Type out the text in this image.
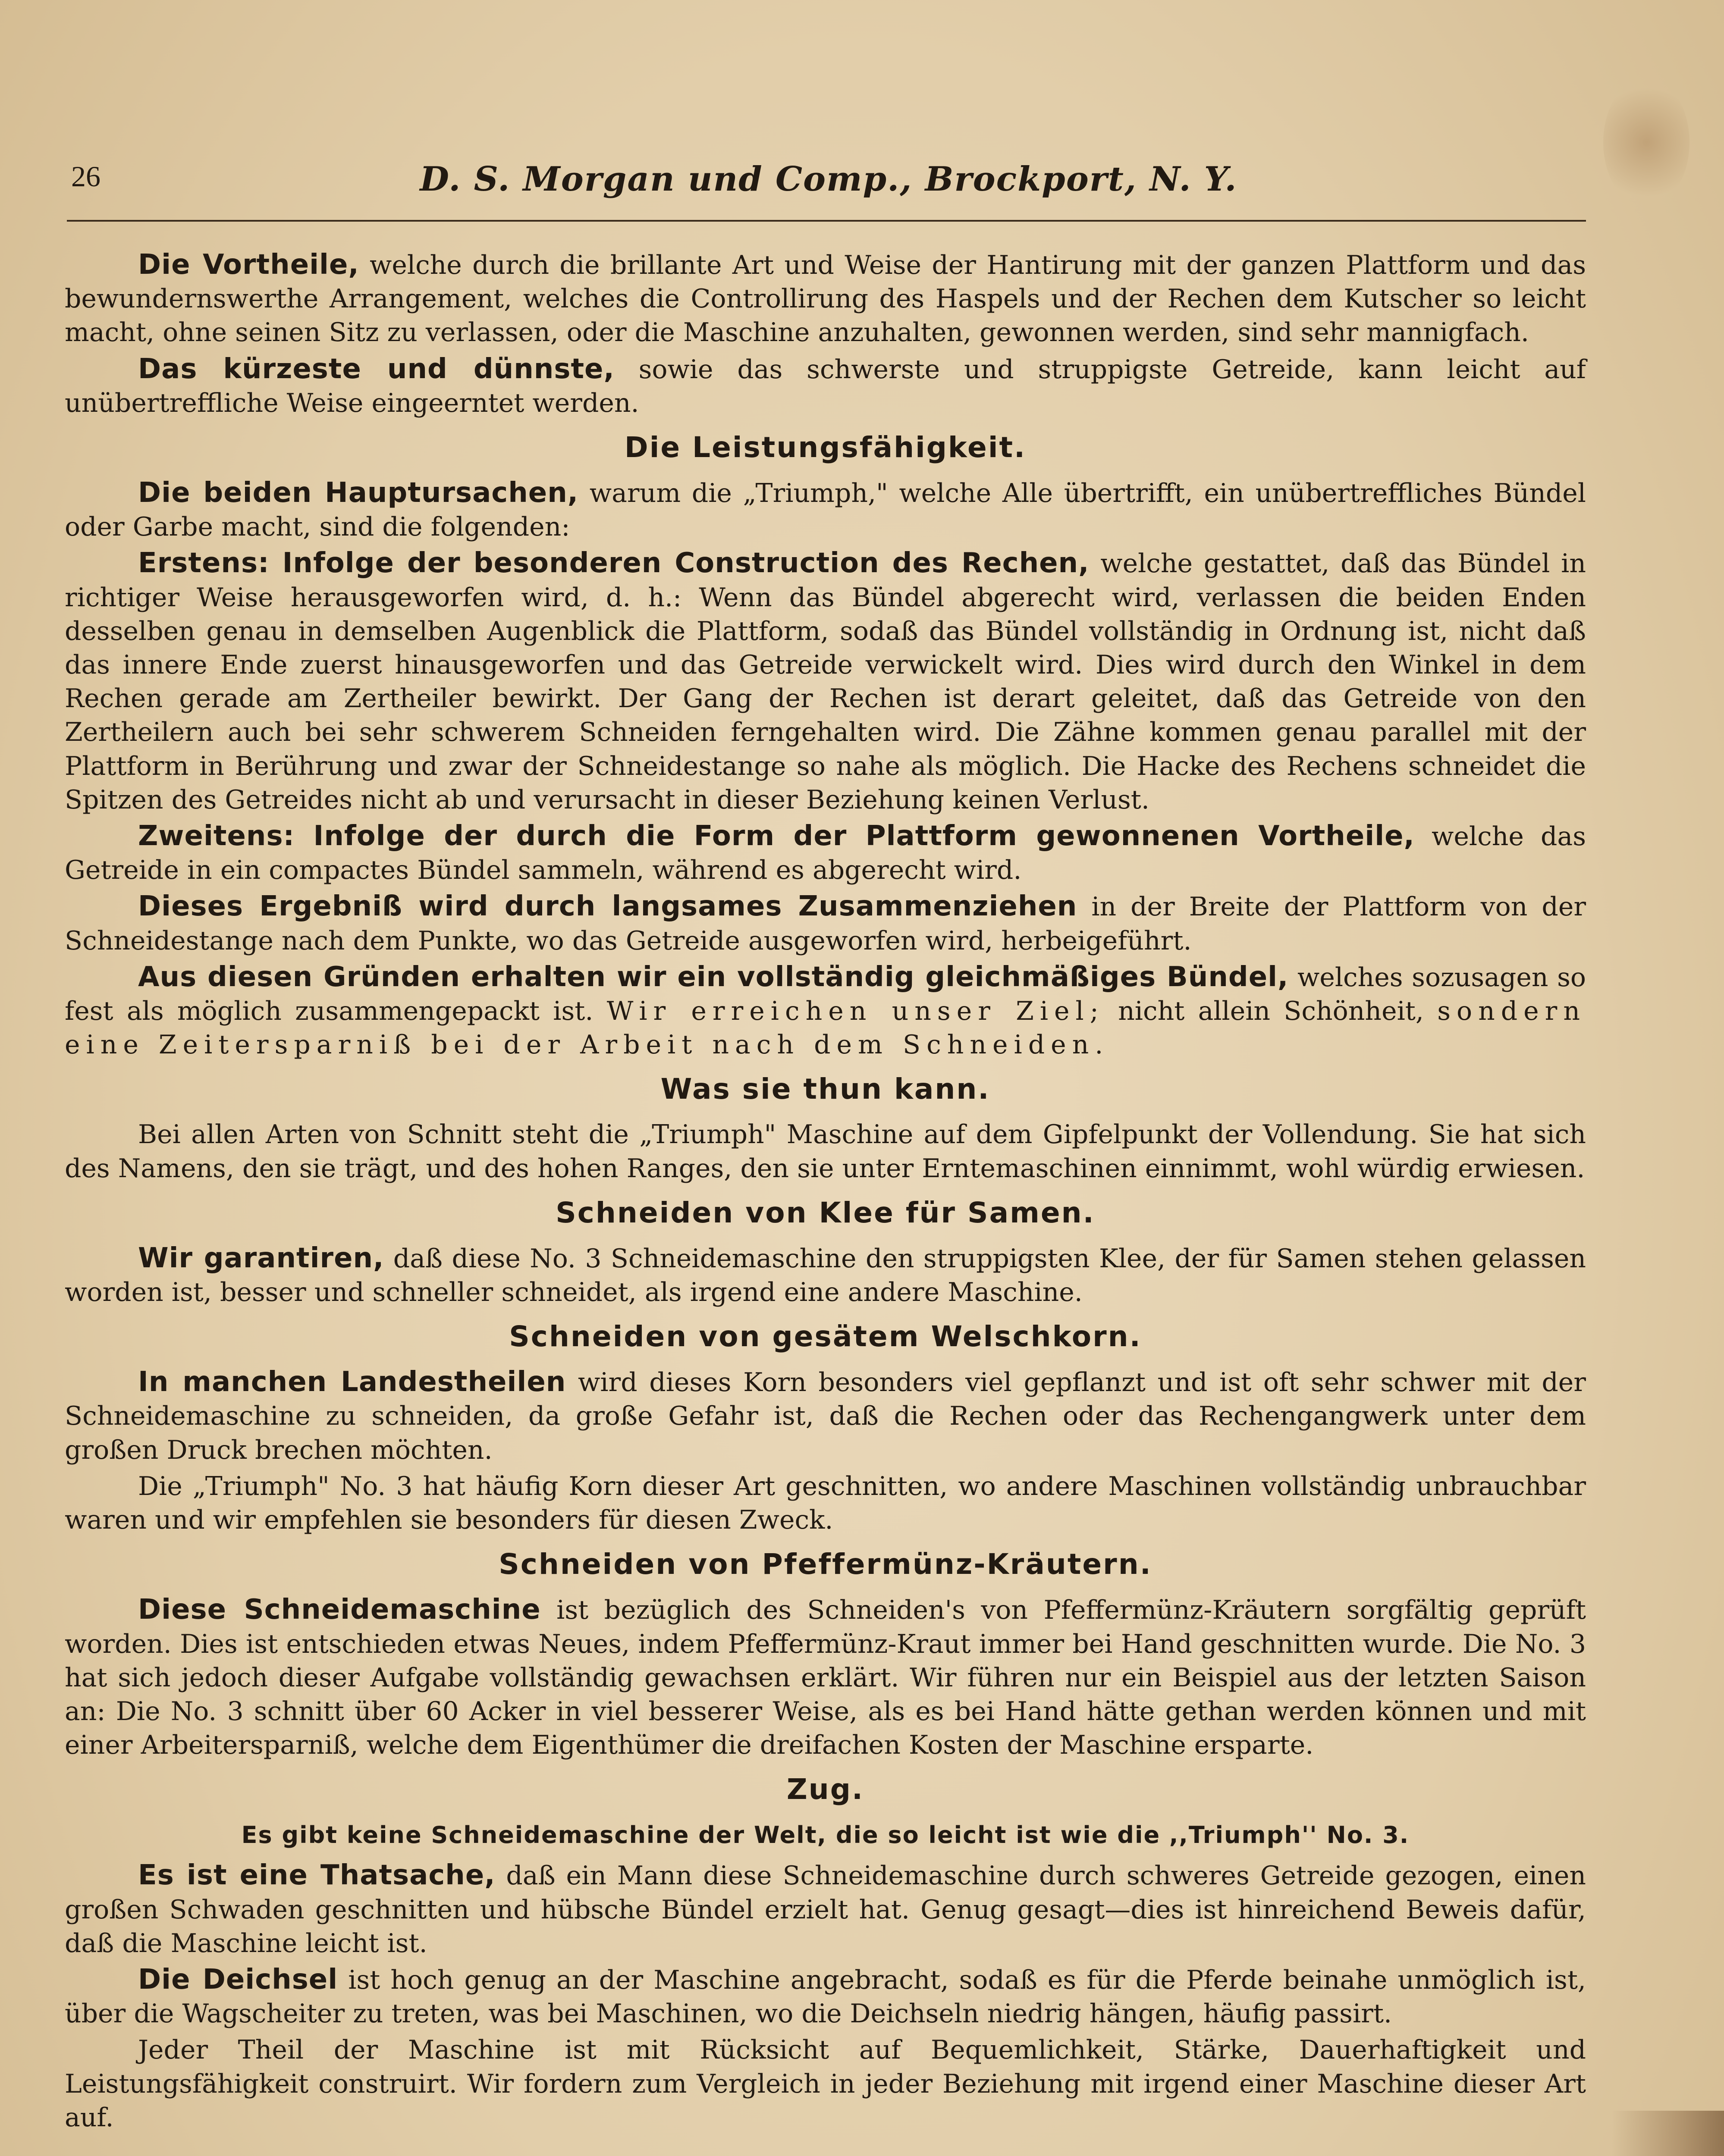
26	D. S. Morgan und Comp., Brockport, N. Y.

Die Vortheile, welche durch die brillante Art und Weise der Hantirung mit der ganzen Plattform und das bewundernswerthe Arrangement, welches die Controllirung des Haspels und der Rechen dem Kutscher so leicht macht, ohne seinen Sitz zu verlassen, oder die Maschine anzuhalten, gewonnen werden, sind sehr mannigfach.

Das kürzeste und dünnste, sowie das schwerste und struppigste Getreide, kann leicht auf unübertreffliche Weise eingeerntet werden.

Die Leistungsfähigkeit.

Die beiden Hauptursachen, warum die „Triumph," welche Alle übertrifft, ein unübertreffliches Bündel oder Garbe macht, sind die folgenden:

Erstens: Infolge der besonderen Construction des Rechen, welche gestattet, daß das Bündel in richtiger Weise herausgeworfen wird, d. h.: Wenn das Bündel abgerecht wird, verlassen die beiden Enden desselben genau in demselben Augenblick die Plattform, sodaß das Bündel vollständig in Ordnung ist, nicht daß das innere Ende zuerst hinausgeworfen und das Getreide verwickelt wird. Dies wird durch den Winkel in dem Rechen gerade am Zertheiler bewirkt. Der Gang der Rechen ist derart geleitet, daß das Getreide von den Zertheilern auch bei sehr schwerem Schneiden ferngehalten wird. Die Zähne kommen genau parallel mit der Plattform in Berührung und zwar der Schneidestange so nahe als möglich. Die Hacke des Rechens schneidet die Spitzen des Getreides nicht ab und verursacht in dieser Beziehung keinen Verlust.

Zweitens: Infolge der durch die Form der Plattform gewonnenen Vortheile, welche das Getreide in ein compactes Bündel sammeln, während es abgerecht wird.

Dieses Ergebniß wird durch langsames Zusammenziehen in der Breite der Plattform von der Schneidestange nach dem Punkte, wo das Getreide ausgeworfen wird, herbeigeführt.

Aus diesen Gründen erhalten wir ein vollständig gleichmäßiges Bündel, welches sozusagen so fest als möglich zusammengepackt ist. Wir erreichen unser Ziel; nicht allein Schönheit, sondern eine Zeitersparniß bei der Arbeit nach dem Schneiden.

Was sie thun kann.

Bei allen Arten von Schnitt steht die „Triumph" Maschine auf dem Gipfelpunkt der Vollendung. Sie hat sich des Namens, den sie trägt, und des hohen Ranges, den sie unter Erntemaschinen einnimmt, wohl würdig erwiesen.

Schneiden von Klee für Samen.

Wir garantiren, daß diese No. 3 Schneidemaschine den struppigsten Klee, der für Samen stehen gelassen worden ist, besser und schneller schneidet, als irgend eine andere Maschine.

Schneiden von gesätem Welschkorn.

In manchen Landestheilen wird dieses Korn besonders viel gepflanzt und ist oft sehr schwer mit der Schneidemaschine zu schneiden, da große Gefahr ist, daß die Rechen oder das Rechengangwerk unter dem großen Druck brechen möchten.

Die „Triumph" No. 3 hat häufig Korn dieser Art geschnitten, wo andere Maschinen vollständig unbrauchbar waren und wir empfehlen sie besonders für diesen Zweck.

Schneiden von Pfeffermünz-Kräutern.

Diese Schneidemaschine ist bezüglich des Schneiden's von Pfeffermünz-Kräutern sorgfältig geprüft worden. Dies ist entschieden etwas Neues, indem Pfeffermünz-Kraut immer bei Hand geschnitten wurde. Die No. 3 hat sich jedoch dieser Aufgabe vollständig gewachsen erklärt. Wir führen nur ein Beispiel aus der letzten Saison an: Die No. 3 schnitt über 60 Acker in viel besserer Weise, als es bei Hand hätte gethan werden können und mit einer Arbeitersparniß, welche dem Eigenthümer die dreifachen Kosten der Maschine ersparte.

Zug.
Es gibt keine Schneidemaschine der Welt, die so leicht ist wie die ,,Triumph'' No. 3.

Es ist eine Thatsache, daß ein Mann diese Schneidemaschine durch schweres Getreide gezogen, einen großen Schwaden geschnitten und hübsche Bündel erzielt hat. Genug gesagt—dies ist hinreichend Beweis dafür, daß die Maschine leicht ist.

Die Deichsel ist hoch genug an der Maschine angebracht, sodaß es für die Pferde beinahe unmöglich ist, über die Wagscheiter zu treten, was bei Maschinen, wo die Deichseln niedrig hängen, häufig passirt.

Jeder Theil der Maschine ist mit Rücksicht auf Bequemlichkeit, Stärke, Dauerhaftigkeit und Leistungsfähigkeit construirt. Wir fordern zum Vergleich in jeder Beziehung mit irgend einer Maschine dieser Art auf.
